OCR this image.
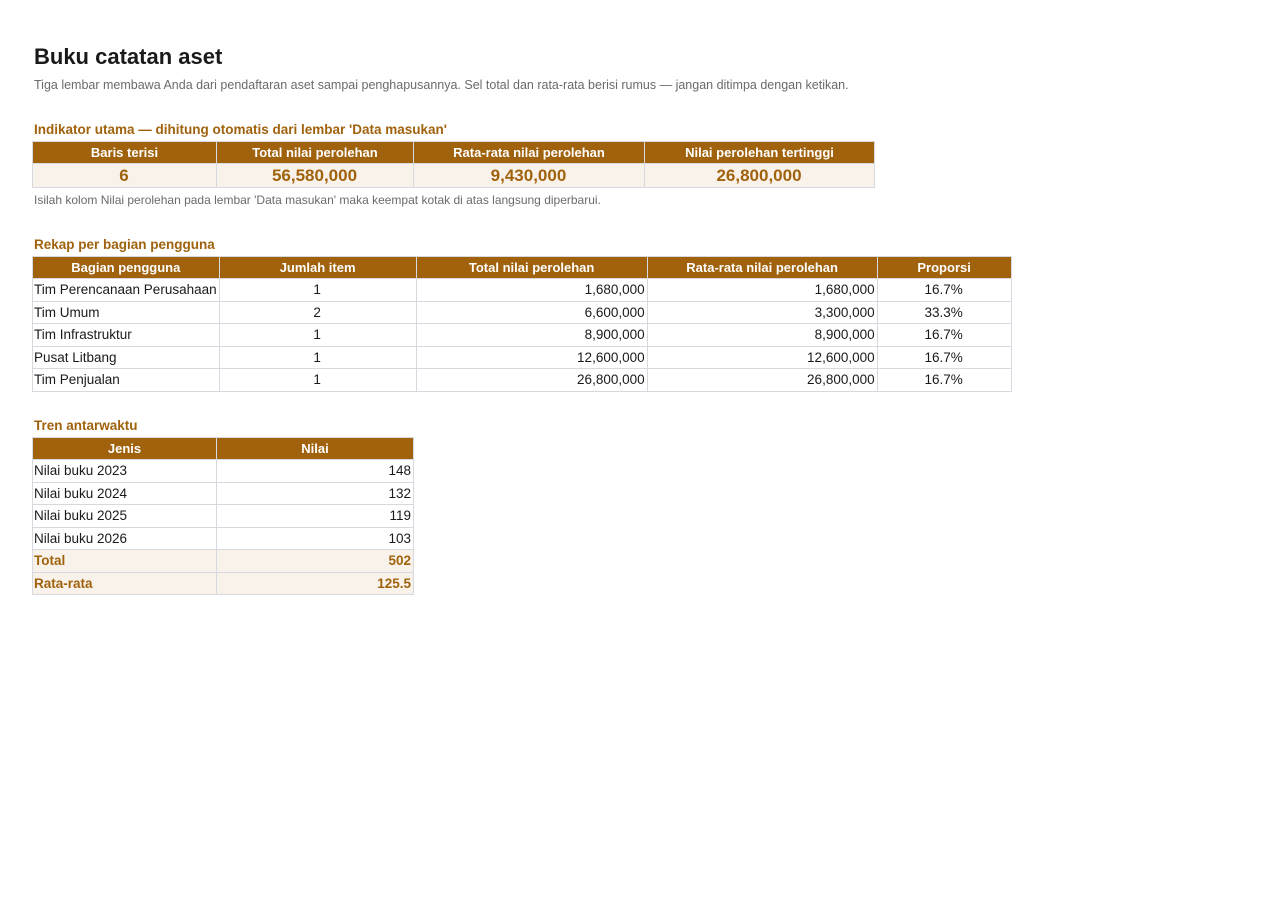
Buku catatan aset
Tiga lembar membawa Anda dari pendaftaran aset sampai penghapusannya. Sel total dan rata-rata berisi rumus — jangan ditimpa dengan ketikan.
Indikator utama — dihitung otomatis dari lembar 'Data masukan'
Baris terisi	Total nilai perolehan	Rata-rata nilai perolehan	Nilai perolehan tertinggi
6	56,580,000	9,430,000	26,800,000
Isilah kolom Nilai perolehan pada lembar 'Data masukan' maka keempat kotak di atas langsung diperbarui.
Rekap per bagian pengguna
Bagian pengguna	Jumlah item	Total nilai perolehan	Rata-rata nilai perolehan	Proporsi
Tim Perencanaan Perusahaan	1	1,680,000	1,680,000	16.7%
Tim Umum	2	6,600,000	3,300,000	33.3%
Tim Infrastruktur	1	8,900,000	8,900,000	16.7%
Pusat Litbang	1	12,600,000	12,600,000	16.7%
Tim Penjualan	1	26,800,000	26,800,000	16.7%
Tren antarwaktu
Jenis	Nilai
Nilai buku 2023	148
Nilai buku 2024	132
Nilai buku 2025	119
Nilai buku 2026	103
Total	502
Rata-rata	125.5
